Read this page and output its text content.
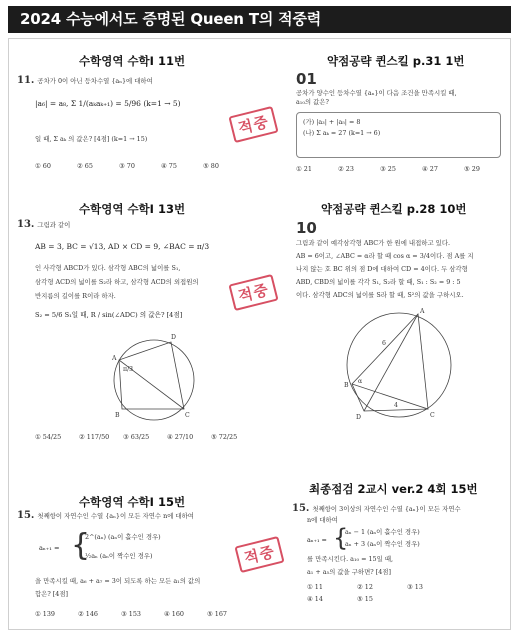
2024 수능에서도 증명된 Queen T의 적중력
수학영역 수학Ⅰ 11번
11. 공차가 0이 아닌 등차수열 {aₙ}에 대하여
|a₆| = a₈, Σ 1/(aₖaₖ₊₁) = 5/96 (k=1 → 5)
일 때, Σ aₖ 의 값은? [4점] (k=1 → 15)
① 60	② 65	③ 70	④ 75	⑤ 80
적중
약점공략 퀸스킬 p.31 1번
01
공차가 양수인 등차수열 {aₙ}이 다음 조건을 만족시킬 때,
a₁₀의 값은?
(가) |a₃| + |a₅| = 8
(나) Σ aₖ = 27 (k=1 → 6)
① 21	② 23	③ 25	④ 27	⑤ 29
수학영역 수학Ⅰ 13번
13. 그림과 같이
AB = 3, BC = √13, AD × CD = 9, ∠BAC = π/3
인 사각형 ABCD가 있다. 삼각형 ABC의 넓이를 S₁,
삼각형 ACD의 넓이를 S₂라 하고, 삼각형 ACD의 외접원의
반지름의 길이를 R이라 하자.
S₂ = 5/6 S₁일 때, R / sin(∠ADC) 의 값은? [4점]
A
B	C
D
π/3
① 54/25	② 117/50 ③ 63/25	④ 27/10	⑤ 72/25
적중
약점공략 퀸스킬 p.28 10번
10
그림과 같이 예각삼각형 ABC가 한 원에 내접하고 있다.
AB = 6이고, ∠ABC = α라 할 때 cos α = 3/4이다. 점 A를 지
나지 않는 호 BC 위의 점 D에 대하여 CD = 4이다. 두 삼각형
ABD, CBD의 넓이를 각각 S₁, S₂라 할 때, S₁ : S₂ = 9 : 5
이다. 삼각형 ADC의 넓이를 S라 할 때, S²의 값을 구하시오.
A
B
C
D
6
4
α
수학영역 수학Ⅰ 15번
15. 첫째항이 자연수인 수열 {aₙ}이 모든 자연수 n에 대하여
aₙ₊₁ = {
2^(aₙ) (aₙ이 홀수인 경우)
½aₙ (aₙ이 짝수인 경우)
을 만족시킬 때, a₆ + a₇ = 3이 되도록 하는 모든 a₁의 값의
합은? [4점]
① 139	② 146	③ 153	④ 160	⑤ 167
적중
최종점검 2교시 ver.2 4회 15번
15. 첫째항이 3이상의 자연수인 수열 {aₙ}이 모든 자연수
n에 대하여
aₙ₊₁ = {
aₙ − 1 (aₙ이 홀수인 경우)
aₙ + 3 (aₙ이 짝수인 경우)
를 만족시킨다. a₁₀ = 15일 때,
a₁ + a₅의 값을 구하면? [4점]
① 11	② 12	③ 13
④ 14	⑤ 15
